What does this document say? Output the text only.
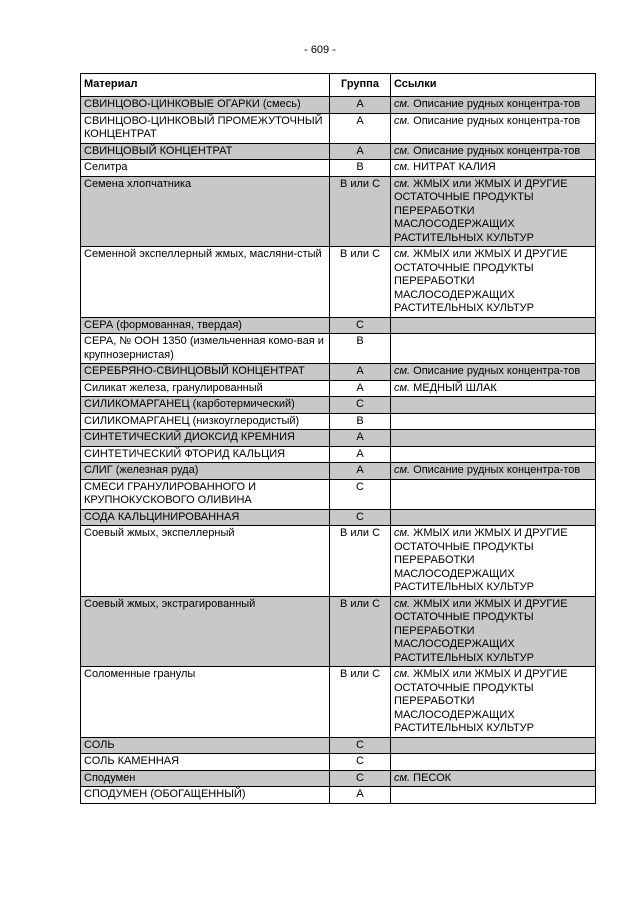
- 609 -
Материал	Группа	Ссылки
СВИНЦОВО-ЦИНКОВЫЕ ОГАРКИ (смесь)	A	см. Описание рудных концентра-тов
СВИНЦОВО-ЦИНКОВЫЙ ПРОМЕЖУТОЧНЫЙ КОНЦЕНТРАТ	A	см. Описание рудных концентра-тов
СВИНЦОВЫЙ КОНЦЕНТРАТ	A	см. Описание рудных концентра-тов
Селитра	B	см. НИТРАТ КАЛИЯ
Семена хлопчатника	В или С	см. ЖМЫХ или ЖМЫХ И ДРУГИЕ ОСТАТОЧНЫЕ ПРОДУКТЫ ПЕРЕРАБОТКИ МАСЛОСОДЕРЖАЩИХ РАСТИТЕЛЬНЫХ КУЛЬТУР
Семенной экспеллерный жмых, масляни-стый	В или С	см. ЖМЫХ или ЖМЫХ И ДРУГИЕ ОСТАТОЧНЫЕ ПРОДУКТЫ ПЕРЕРАБОТКИ МАСЛОСОДЕРЖАЩИХ РАСТИТЕЛЬНЫХ КУЛЬТУР
СЕРА (формованная, твердая)	C	
СЕРА, № ООН 1350 (измельченная комо-вая и крупнозернистая)	B	
СЕРЕБРЯНО-СВИНЦОВЫЙ КОНЦЕНТРАТ	A	см. Описание рудных концентра-тов
Силикат железа, гранулированный	A	см. МЕДНЫЙ ШЛАК
СИЛИКОМАРГАНЕЦ (карботермический)	C	
СИЛИКОМАРГАНЕЦ (низкоуглеродистый)	B	
СИНТЕТИЧЕСКИЙ ДИОКСИД КРЕМНИЯ	A	
СИНТЕТИЧЕСКИЙ ФТОРИД КАЛЬЦИЯ	A	
СЛИГ (железная руда)	A	см. Описание рудных концентра-тов
СМЕСИ ГРАНУЛИРОВАННОГО И КРУПНОКУСКОВОГО ОЛИВИНА	C	
СОДА КАЛЬЦИНИРОВАННАЯ	C	
Соевый жмых, экспеллерный	В или С	см. ЖМЫХ или ЖМЫХ И ДРУГИЕ ОСТАТОЧНЫЕ ПРОДУКТЫ ПЕРЕРАБОТКИ МАСЛОСОДЕРЖАЩИХ РАСТИТЕЛЬНЫХ КУЛЬТУР
Соевый жмых, экстрагированный	В или С	см. ЖМЫХ или ЖМЫХ И ДРУГИЕ ОСТАТОЧНЫЕ ПРОДУКТЫ ПЕРЕРАБОТКИ МАСЛОСОДЕРЖАЩИХ РАСТИТЕЛЬНЫХ КУЛЬТУР
Соломенные гранулы	В или С	см. ЖМЫХ или ЖМЫХ И ДРУГИЕ ОСТАТОЧНЫЕ ПРОДУКТЫ ПЕРЕРАБОТКИ МАСЛОСОДЕРЖАЩИХ РАСТИТЕЛЬНЫХ КУЛЬТУР
СОЛЬ	C	
СОЛЬ КАМЕННАЯ	C	
Сподумен	C	см. ПЕСОК
СПОДУМЕН (ОБОГАЩЕННЫЙ)	A	
